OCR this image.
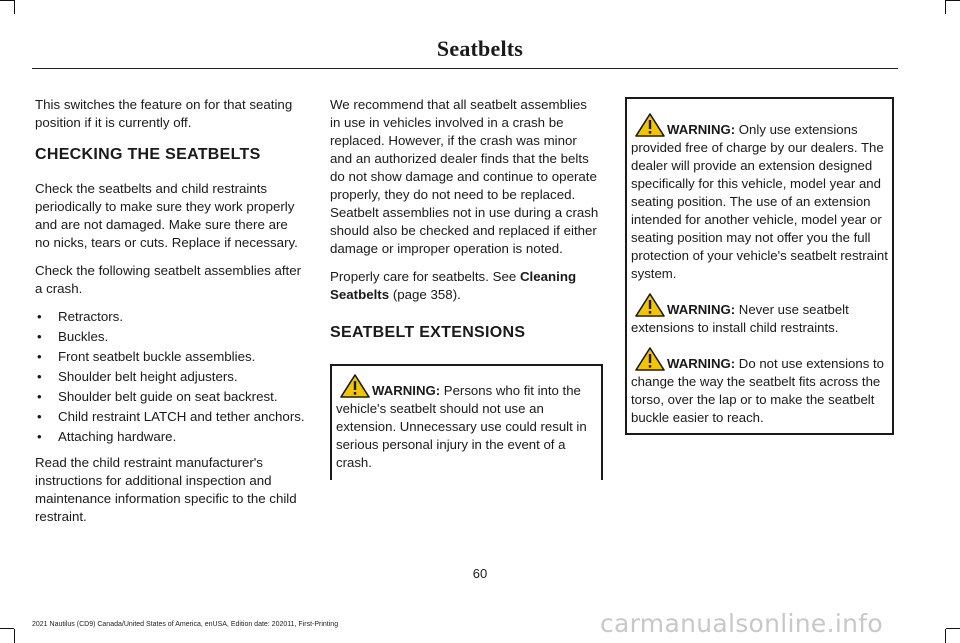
Seatbelts

This switches the feature on for that seating position if it is currently off.

CHECKING THE SEATBELTS

Check the seatbelts and child restraints periodically to make sure they work properly and are not damaged. Make sure there are no nicks, tears or cuts. Replace if necessary.

Check the following seatbelt assemblies after a crash.

• Retractors.
• Buckles.
• Front seatbelt buckle assemblies.
• Shoulder belt height adjusters.
• Shoulder belt guide on seat backrest.
• Child restraint LATCH and tether anchors.
• Attaching hardware.

Read the child restraint manufacturer's instructions for additional inspection and maintenance information specific to the child restraint.

We recommend that all seatbelt assemblies in use in vehicles involved in a crash be replaced. However, if the crash was minor and an authorized dealer finds that the belts do not show damage and continue to operate properly, they do not need to be replaced. Seatbelt assemblies not in use during a crash should also be checked and replaced if either damage or improper operation is noted.

Properly care for seatbelts. See Cleaning Seatbelts (page 358).

SEATBELT EXTENSIONS
WARNING: Persons who fit into the vehicle's seatbelt should not use an extension. Unnecessary use could result in serious personal injury in the event of a crash.
WARNING: Only use extensions provided free of charge by our dealers. The dealer will provide an extension designed specifically for this vehicle, model year and seating position. The use of an extension intended for another vehicle, model year or seating position may not offer you the full protection of your vehicle's seatbelt restraint system.
WARNING: Never use seatbelt extensions to install child restraints.
WARNING: Do not use extensions to change the way the seatbelt fits across the torso, over the lap or to make the seatbelt buckle easier to reach.
60
2021 Nautilus (CD9) Canada/United States of America, enUSA, Edition date: 202011, First-Printing	carmanualsonline.info
